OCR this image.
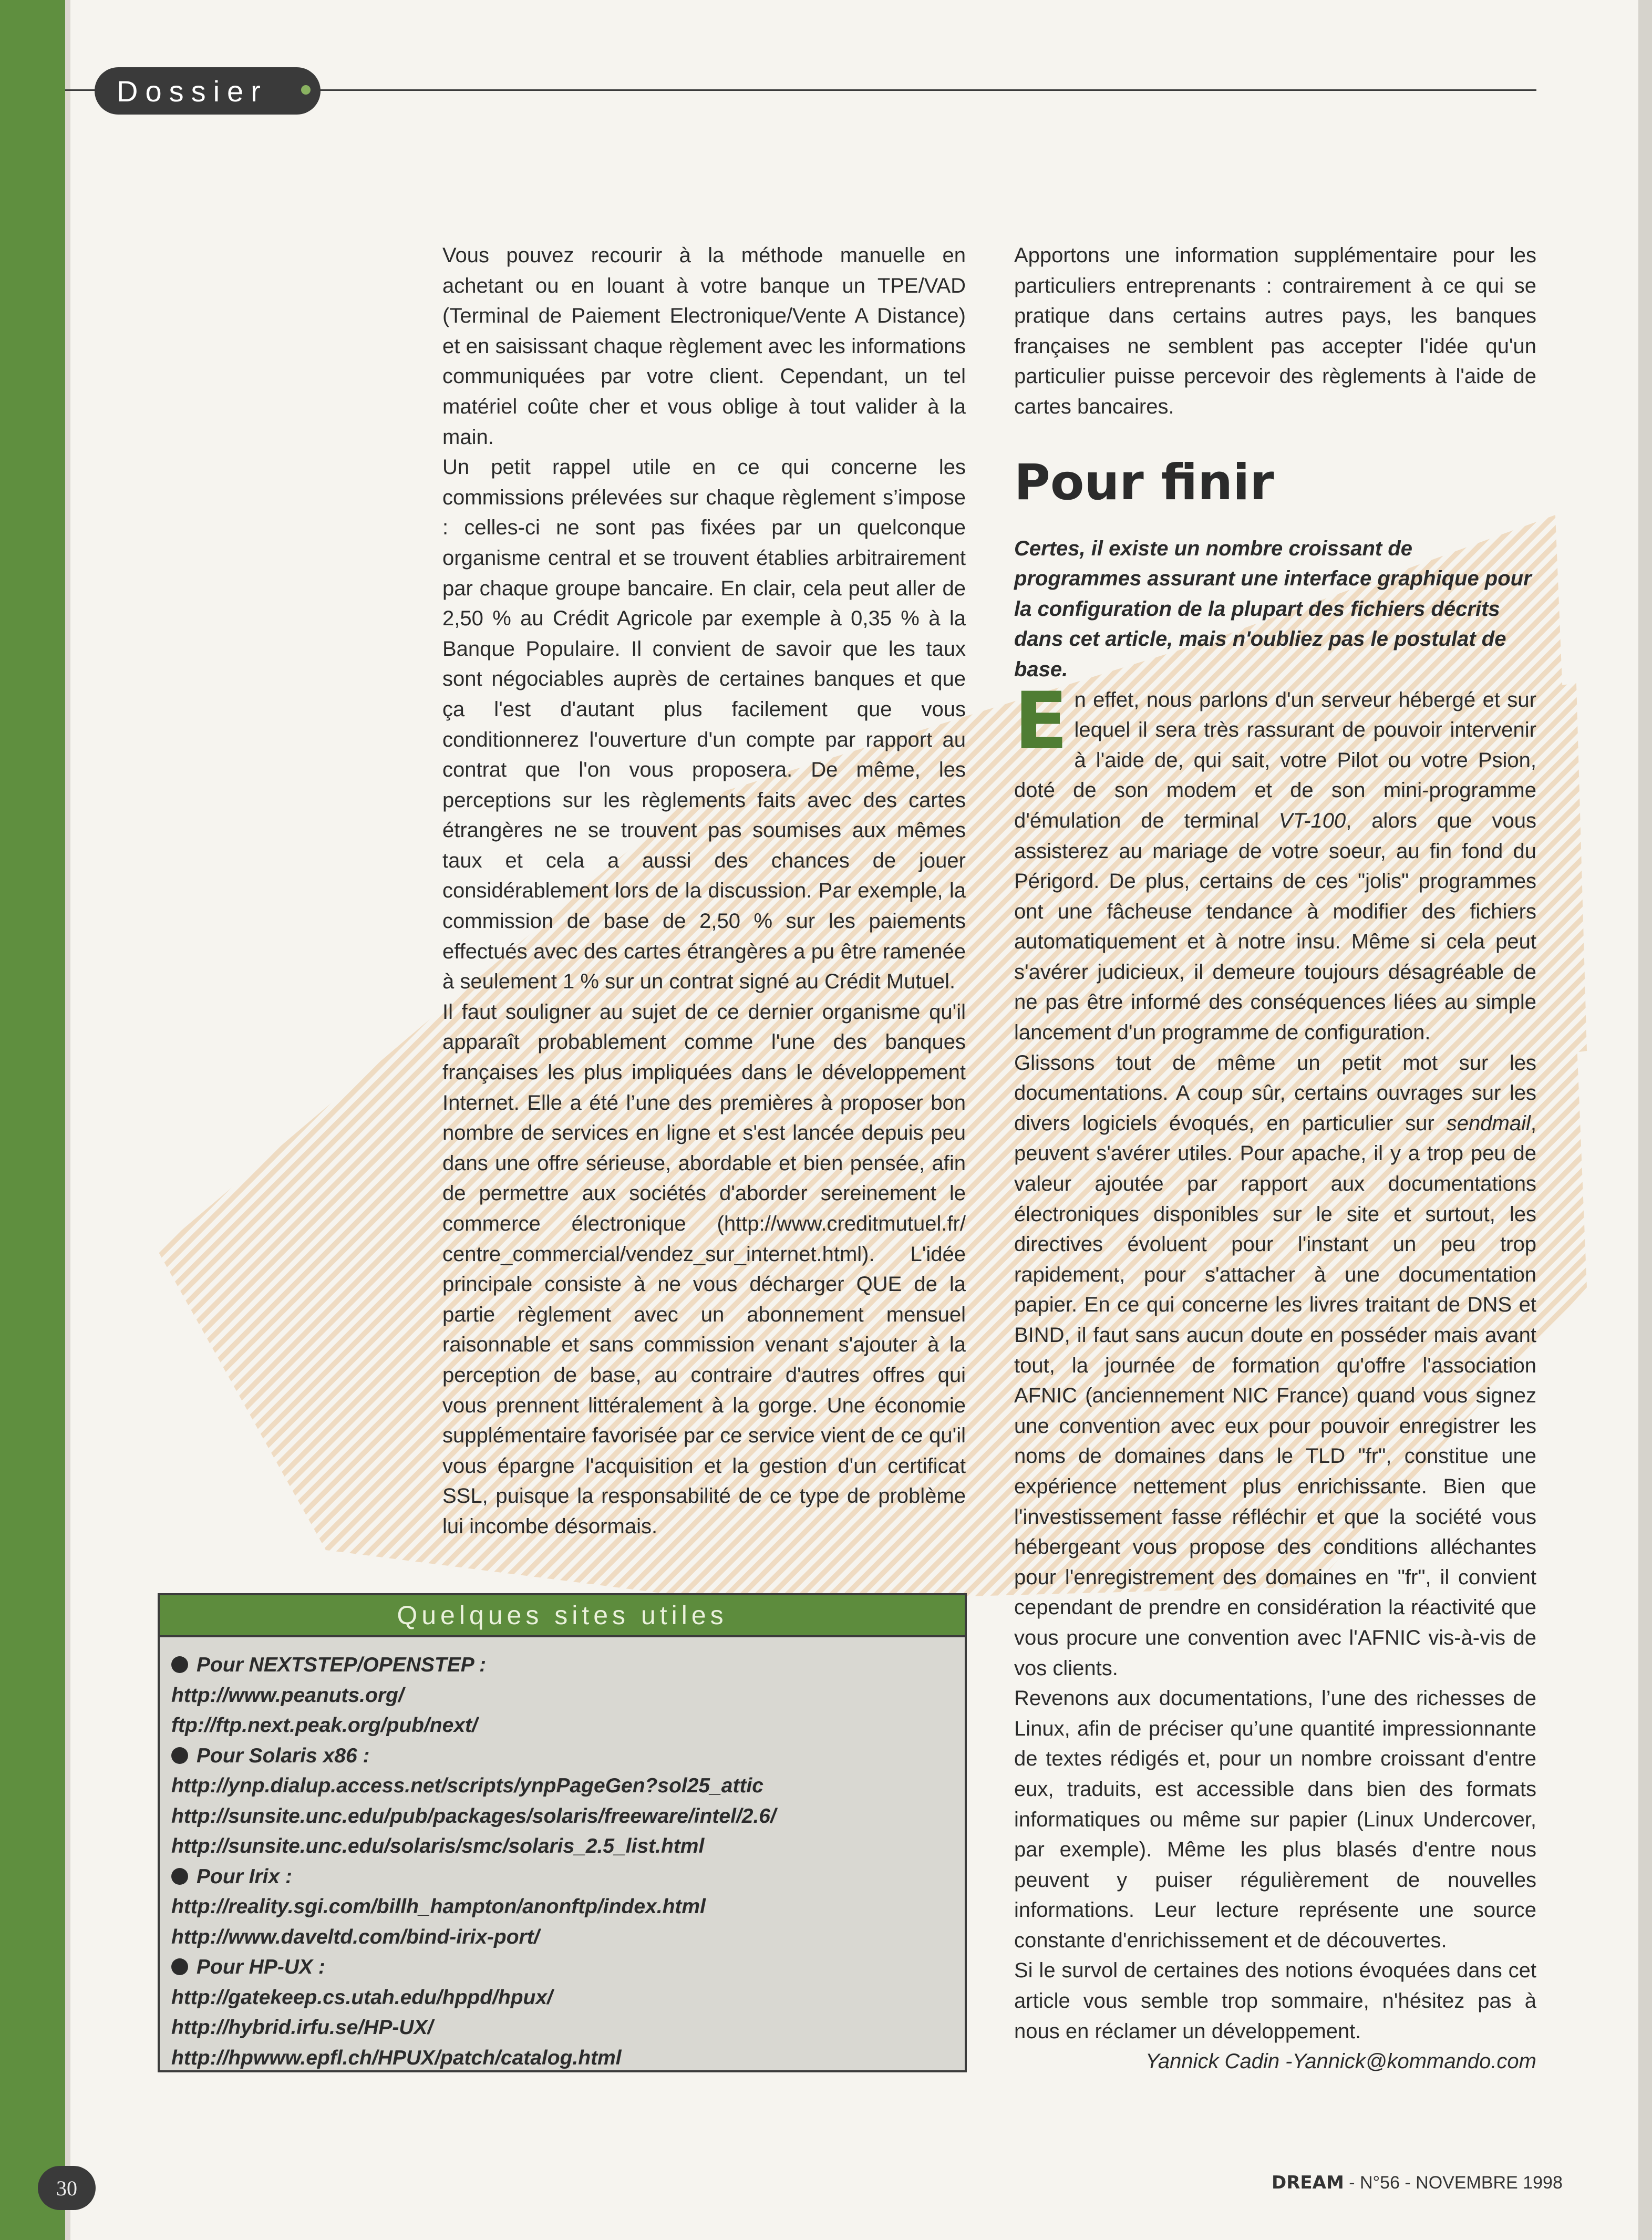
Dossier

Vous pouvez recourir à la méthode manuelle en achetant ou en louant à votre banque un TPE/VAD (Terminal de Paiement Electronique/Vente A Distance) et en saisissant chaque règlement avec les informations communiquées par votre client. Cependant, un tel matériel coûte cher et vous oblige à tout valider à la main.

Un petit rappel utile en ce qui concerne les commissions prélevées sur chaque règlement s’impose : celles-ci ne sont pas fixées par un quelconque organisme central et se trouvent établies arbitrairement par chaque groupe bancaire. En clair, cela peut aller de 2,50 % au Crédit Agricole par exemple à 0,35 % à la Banque Populaire. Il convient de savoir que les taux sont négociables auprès de certaines banques et que ça l'est d'autant plus facilement que vous conditionnerez l'ouverture d'un compte par rapport au contrat que l'on vous proposera. De même, les perceptions sur les règlements faits avec des cartes étrangères ne se trouvent pas soumises aux mêmes taux et cela a aussi des chances de jouer considérablement lors de la discussion. Par exemple, la commission de base de 2,50 % sur les paiements effectués avec des cartes étrangères a pu être ramenée à seulement 1 % sur un contrat signé au Crédit Mutuel.

Il faut souligner au sujet de ce dernier organisme qu'il apparaît probablement comme l'une des banques françaises les plus impliquées dans le développement Internet. Elle a été l’une des premières à proposer bon nombre de services en ligne et s'est lancée depuis peu dans une offre sérieuse, abordable et bien pensée, afin de permettre aux sociétés d'aborder sereinement le commerce électronique (http://www.creditmutuel.fr/ centre_commercial/vendez_sur_internet.html). L'idée principale consiste à ne vous décharger QUE de la partie règlement avec un abonnement mensuel raisonnable et sans commission venant s'ajouter à la perception de base, au contraire d'autres offres qui vous prennent littéralement à la gorge. Une économie supplémentaire favorisée par ce service vient de ce qu'il vous épargne l'acquisition et la gestion d'un certificat SSL, puisque la responsabilité de ce type de problème lui incombe désormais.

Apportons une information supplémentaire pour les particuliers entreprenants : contrairement à ce qui se pratique dans certains autres pays, les banques françaises ne semblent pas accepter l'idée qu'un particulier puisse percevoir des règlements à l'aide de cartes bancaires.

Pour finir

Certes, il existe un nombre croissant de programmes assurant une interface graphique pour la configuration de la plupart des fichiers décrits dans cet article, mais n'oubliez pas le postulat de base.

En effet, nous parlons d'un serveur hébergé et sur lequel il sera très rassurant de pouvoir intervenir à l'aide de, qui sait, votre Pilot ou votre Psion, doté de son modem et de son mini-programme d'émulation de terminal VT-100, alors que vous assisterez au mariage de votre soeur, au fin fond du Périgord. De plus, certains de ces "jolis" programmes ont une fâcheuse tendance à modifier des fichiers automatiquement et à notre insu. Même si cela peut s'avérer judicieux, il demeure toujours désagréable de ne pas être informé des conséquences liées au simple lancement d'un programme de configuration.

Glissons tout de même un petit mot sur les documentations. A coup sûr, certains ouvrages sur les divers logiciels évoqués, en particulier sur sendmail, peuvent s'avérer utiles. Pour apache, il y a trop peu de valeur ajoutée par rapport aux documentations électroniques disponibles sur le site et surtout, les directives évoluent pour l'instant un peu trop rapidement, pour s'attacher à une documentation papier. En ce qui concerne les livres traitant de DNS et BIND, il faut sans aucun doute en posséder mais avant tout, la journée de formation qu'offre l'association AFNIC (anciennement NIC France) quand vous signez une convention avec eux pour pouvoir enregistrer les noms de domaines dans le TLD "fr", constitue une expérience nettement plus enrichissante. Bien que l'investissement fasse réfléchir et que la société vous hébergeant vous propose des conditions alléchantes pour l'enregistrement des domaines en "fr", il convient cependant de prendre en considération la réactivité que vous procure une convention avec l'AFNIC vis-à-vis de vos clients.

Revenons aux documentations, l’une des richesses de Linux, afin de préciser qu’une quantité impressionnante de textes rédigés et, pour un nombre croissant d'entre eux, traduits, est accessible dans bien des formats informatiques ou même sur papier (Linux Undercover, par exemple). Même les plus blasés d'entre nous peuvent y puiser régulièrement de nouvelles informations. Leur lecture représente une source constante d'enrichissement et de découvertes.

Si le survol de certaines des notions évoquées dans cet article vous semble trop sommaire, n'hésitez pas à nous en réclamer un développement.

Yannick Cadin -Yannick@kommando.com

Quelques sites utiles
Pour NEXTSTEP/OPENSTEP :
http://www.peanuts.org/
ftp://ftp.next.peak.org/pub/next/
Pour Solaris x86 :
http://ynp.dialup.access.net/scripts/ynpPageGen?sol25_attic
http://sunsite.unc.edu/pub/packages/solaris/freeware/intel/2.6/
http://sunsite.unc.edu/solaris/smc/solaris_2.5_list.html
Pour Irix :
http://reality.sgi.com/billh_hampton/anonftp/index.html
http://www.daveltd.com/bind-irix-port/
Pour HP-UX :
http://gatekeep.cs.utah.edu/hppd/hpux/
http://hybrid.irfu.se/HP-UX/
http://hpwww.epfl.ch/HPUX/patch/catalog.html
30	DREAM - N°56 - NOVEMBRE 1998
